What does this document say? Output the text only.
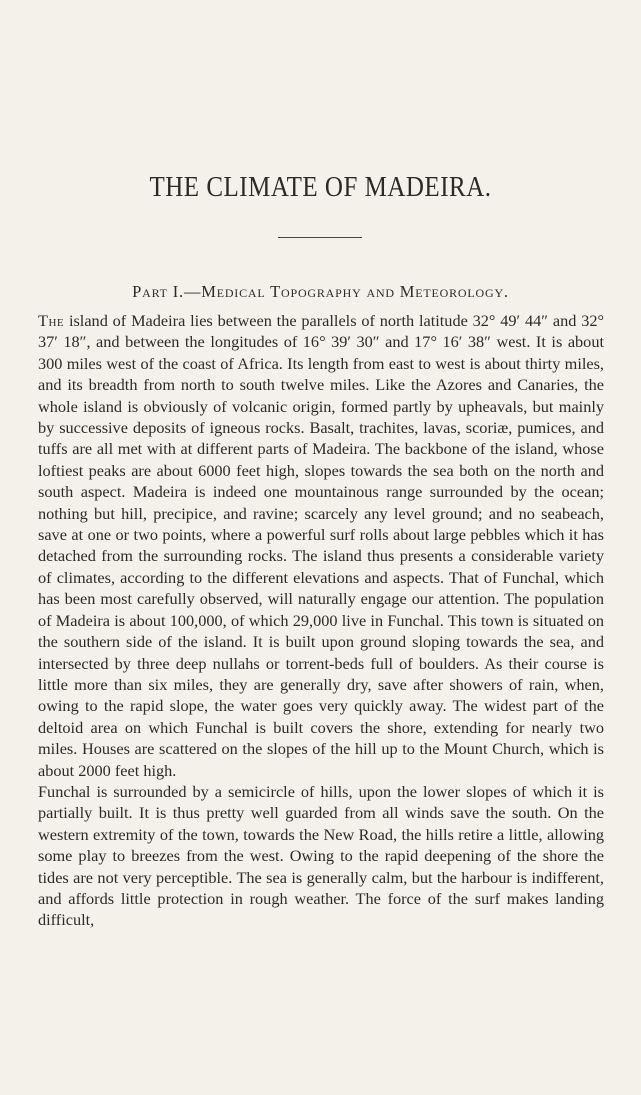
THE CLIMATE OF MADEIRA.
Part I.—Medical Topography and Meteorology.

The island of Madeira lies between the parallels of north latitude 32° 49′ 44″ and 32° 37′ 18″, and between the longitudes of 16° 39′ 30″ and 17° 16′ 38″ west. It is about 300 miles west of the coast of Africa. Its length from east to west is about thirty miles, and its breadth from north to south twelve miles. Like the Azores and Canaries, the whole island is obviously of volcanic origin, formed partly by upheavals, but mainly by successive deposits of igneous rocks. Basalt, trachites, lavas, scoriæ, pumices, and tuffs are all met with at different parts of Madeira. The backbone of the island, whose loftiest peaks are about 6000 feet high, slopes towards the sea both on the north and south aspect. Madeira is indeed one mountainous range surrounded by the ocean; nothing but hill, precipice, and ravine; scarcely any level ground; and no seabeach, save at one or two points, where a powerful surf rolls about large pebbles which it has detached from the surrounding rocks. The island thus presents a considerable variety of climates, according to the different elevations and aspects. That of Funchal, which has been most carefully observed, will naturally engage our attention. The population of Madeira is about 100,000, of which 29,000 live in Funchal. This town is situated on the southern side of the island. It is built upon ground sloping towards the sea, and intersected by three deep nullahs or torrent-beds full of boulders. As their course is little more than six miles, they are generally dry, save after showers of rain, when, owing to the rapid slope, the water goes very quickly away. The widest part of the deltoid area on which Funchal is built covers the shore, extending for nearly two miles. Houses are scattered on the slopes of the hill up to the Mount Church, which is about 2000 feet high.

Funchal is surrounded by a semicircle of hills, upon the lower slopes of which it is partially built. It is thus pretty well guarded from all winds save the south. On the western extremity of the town, towards the New Road, the hills retire a little, allowing some play to breezes from the west. Owing to the rapid deepening of the shore the tides are not very perceptible. The sea is generally calm, but the harbour is indifferent, and affords little protection in rough weather. The force of the surf makes landing difficult,
